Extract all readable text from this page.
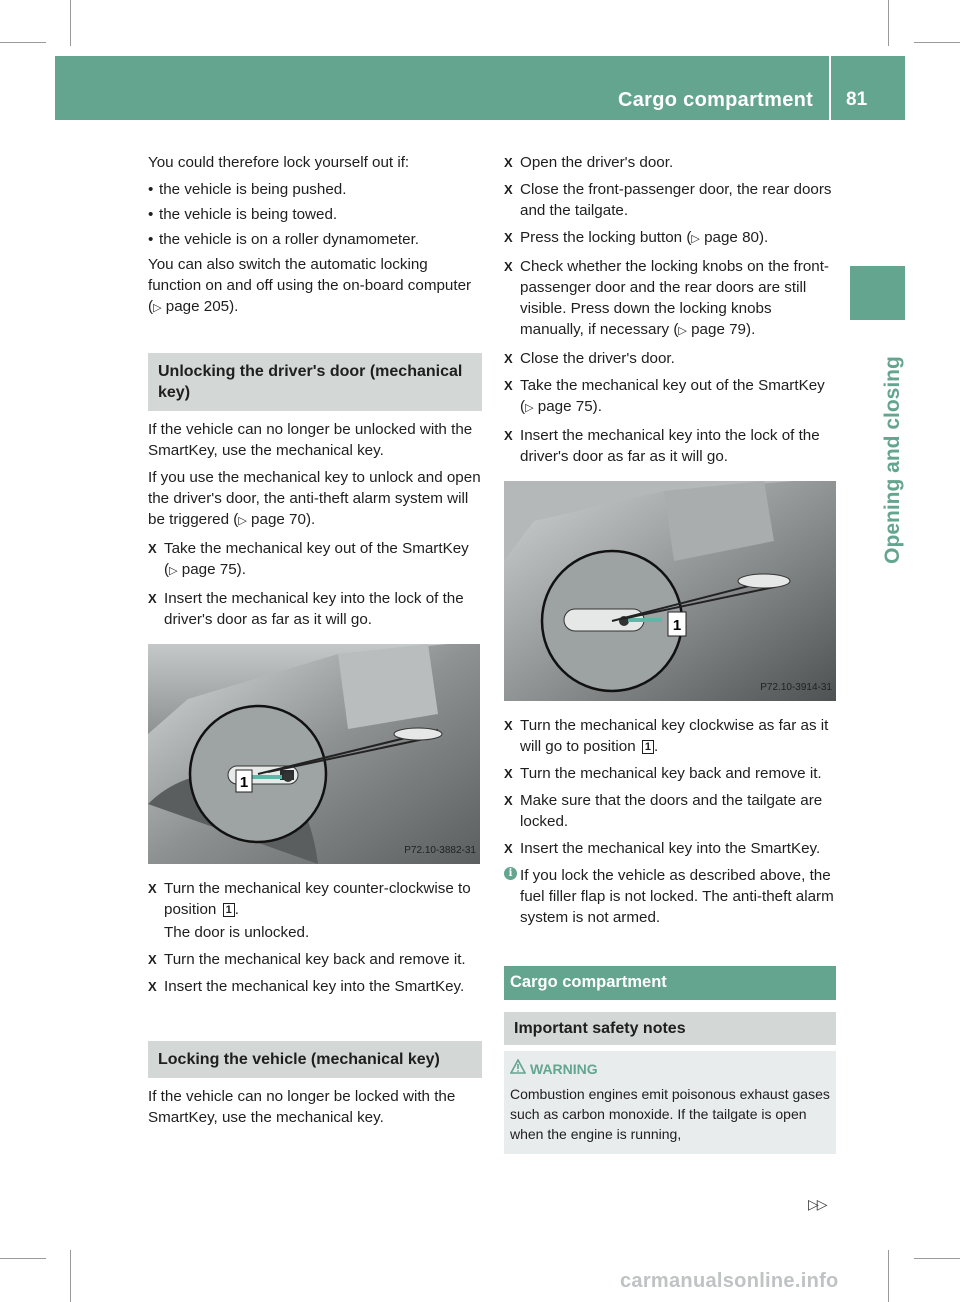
Cargo compartment 81
Opening and closing

You could therefore lock yourself out if:

• the vehicle is being pushed.
• the vehicle is being towed.
• the vehicle is on a roller dynamometer.

You can also switch the automatic locking function on and off using the on-board computer (▷ page 205).

Unlocking the driver's door (mechanical key)

If the vehicle can no longer be unlocked with the SmartKey, use the mechanical key.

If you use the mechanical key to unlock and open the driver's door, the anti-theft alarm system will be triggered (▷ page 70).

X Take the mechanical key out of the SmartKey (▷ page 75).
X Insert the mechanical key into the lock of the driver's door as far as it will go.
1
P72.10-3882-31
X Turn the mechanical key counter-clockwise to position 1 .
The door is unlocked.
X Turn the mechanical key back and remove it.
X Insert the mechanical key into the SmartKey.
Locking the vehicle (mechanical key)

If the vehicle can no longer be locked with the SmartKey, use the mechanical key.

X Open the driver's door.
X Close the front-passenger door, the rear doors and the tailgate.
X Press the locking button (▷ page 80).
X Check whether the locking knobs on the front-passenger door and the rear doors are still visible. Press down the locking knobs manually, if necessary (▷ page 79).
X Close the driver's door.
X Take the mechanical key out of the SmartKey (▷ page 75).
X Insert the mechanical key into the lock of the driver's door as far as it will go.
1
P72.10-3914-31
X Turn the mechanical key clockwise as far as it will go to position 1 .
X Turn the mechanical key back and remove it.
X Make sure that the doors and the tailgate are locked.
X Insert the mechanical key into the SmartKey.
i If you lock the vehicle as described above, the fuel filler flap is not locked. The anti-theft alarm system is not armed.
Cargo compartment
Important safety notes
WARNING
Combustion engines emit poisonous exhaust gases such as carbon monoxide. If the tailgate is open when the engine is running,
▷▷
carmanualsonline.info
